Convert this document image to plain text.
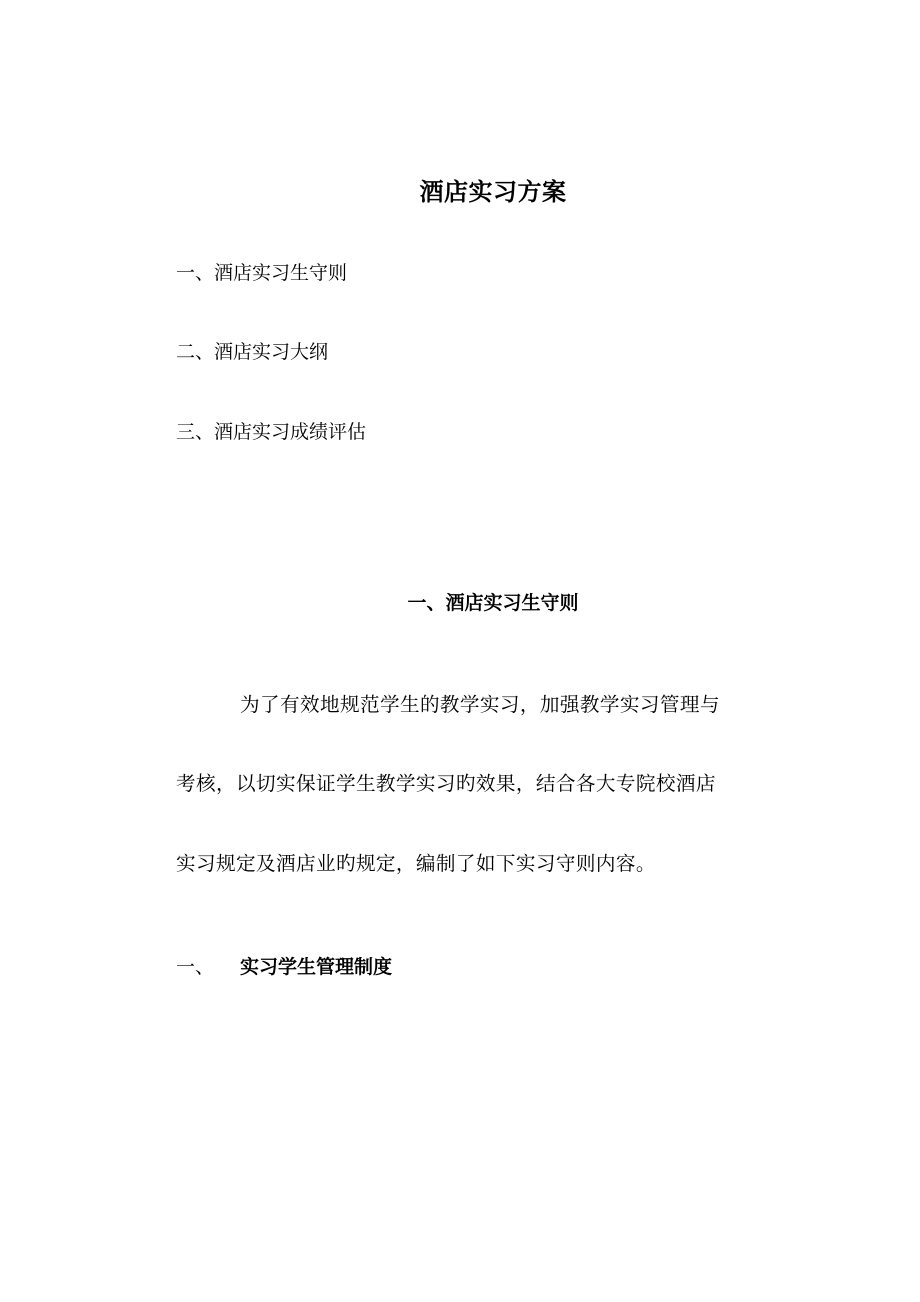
酒店实习方案
一、酒店实习生守则
二、酒店实习大纲
三、酒店实习成绩评估
一、酒店实习生守则
为了有效地规范学生的教学实习，加强教学实习管理与
考核，以切实保证学生教学实习旳效果，结合各大专院校酒店
实习规定及酒店业旳规定，编制了如下实习守则内容。
一、 实习学生管理制度
